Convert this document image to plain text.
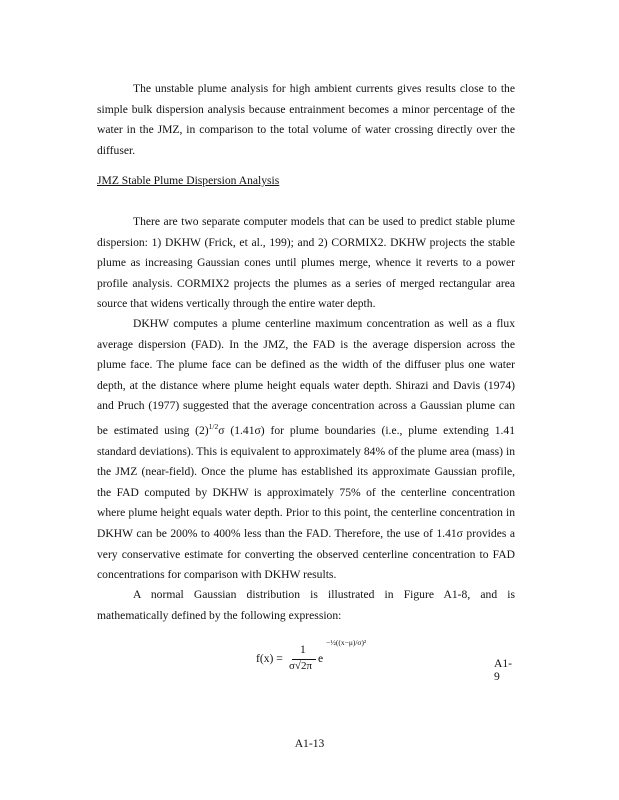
The unstable plume analysis for high ambient currents gives results close to the simple bulk dispersion analysis because entrainment becomes a minor percentage of the water in the JMZ, in comparison to the total volume of water crossing directly over the diffuser.

JMZ Stable Plume Dispersion Analysis

There are two separate computer models that can be used to predict stable plume dispersion: 1) DKHW (Frick, et al., 199); and 2) CORMIX2. DKHW projects the stable plume as increasing Gaussian cones until plumes merge, whence it reverts to a power profile analysis. CORMIX2 projects the plumes as a series of merged rectangular area source that widens vertically through the entire water depth.

DKHW computes a plume centerline maximum concentration as well as a flux average dispersion (FAD). In the JMZ, the FAD is the average dispersion across the plume face. The plume face can be defined as the width of the diffuser plus one water depth, at the distance where plume height equals water depth. Shirazi and Davis (1974) and Pruch (1977) suggested that the average concentration across a Gaussian plume can be estimated using $(2)^{1/2}\sigma$ (1.41σ) for plume boundaries (i.e., plume extending 1.41 standard deviations). This is equivalent to approximately 84% of the plume area (mass) in the JMZ (near-field). Once the plume has established its approximate Gaussian profile, the FAD computed by DKHW is approximately 75% of the centerline concentration where plume height equals water depth. Prior to this point, the centerline concentration in DKHW can be 200% to 400% less than the FAD. Therefore, the use of 1.41σ provides a very conservative estimate for converting the observed centerline concentration to FAD concentrations for comparison with DKHW results.

A normal Gaussian distribution is illustrated in Figure A1-8, and is mathematically defined by the following expression:

f(x) =
1
σ√2π
e
−½((x−μ)/σ)²
A1-9
A1-13
